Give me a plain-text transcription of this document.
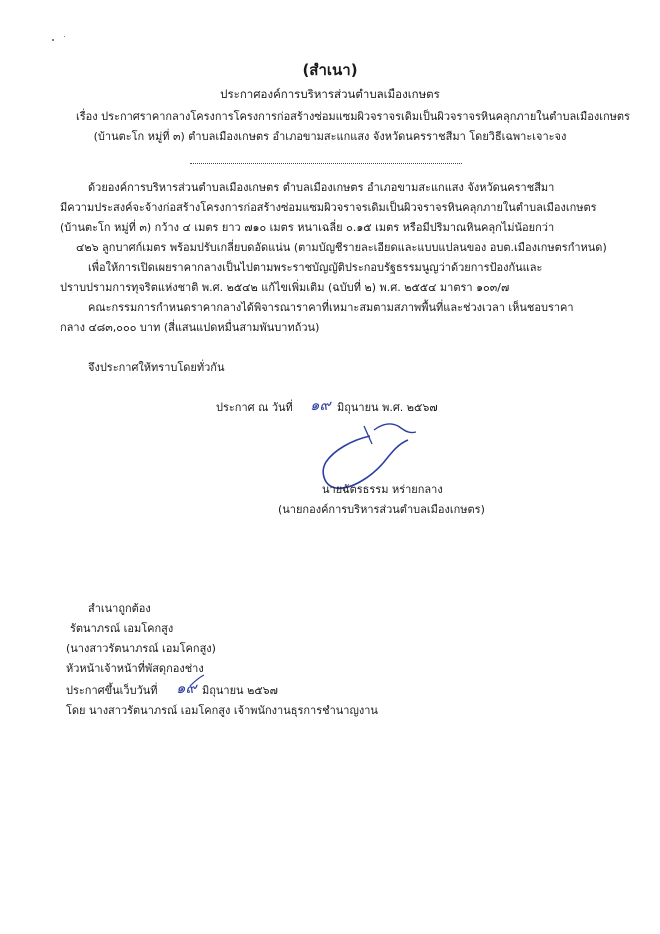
(สำเนา)
ประกาศองค์การบริหารส่วนตำบลเมืองเกษตร
เรื่อง ประกาศราคากลางโครงการโครงการก่อสร้างซ่อมแซมผิวจราจรเดิมเป็นผิวจราจรหินคลุกภายในตำบลเมืองเกษตร
(บ้านตะโก หมู่ที่ ๓) ตำบลเมืองเกษตร อำเภอขามสะแกแสง จังหวัดนครราชสีมา โดยวิธีเฉพาะเจาะจง
ด้วยองค์การบริหารส่วนตำบลเมืองเกษตร ตำบลเมืองเกษตร อำเภอขามสะแกแสง จังหวัดนคราชสีมา
มีความประสงค์จะจ้างก่อสร้างโครงการก่อสร้างซ่อมแซมผิวจราจรเดิมเป็นผิวจราจรหินคลุกภายในตำบลเมืองเกษตร
(บ้านตะโก หมู่ที่ ๓) กว้าง ๔ เมตร ยาว ๗๑๐ เมตร หนาเฉลี่ย ๐.๑๕ เมตร หรือมีปริมาณหินคลุกไม่น้อยกว่า
๔๒๖ ลูกบาศก์เมตร พร้อมปรับเกลี่ยบดอัดแน่น (ตามบัญชีรายละเอียดและแบบแปลนของ อบต.เมืองเกษตรกำหนด)
เพื่อให้การเปิดเผยราคากลางเป็นไปตามพระราชบัญญัติประกอบรัฐธรรมนูญว่าด้วยการป้องกันและ
ปราบปรามการทุจริตแห่งชาติ พ.ศ. ๒๕๔๒ แก้ไขเพิ่มเติม (ฉบับที่ ๒) พ.ศ. ๒๕๕๔ มาตรา ๑๐๓/๗
คณะกรรมการกำหนดราคากลางได้พิจารณาราคาที่เหมาะสมตามสภาพพื้นที่และช่วงเวลา เห็นชอบราคา
กลาง ๔๘๓,๐๐๐ บาท (สี่แสนแปดหมื่นสามพันบาทถ้วน)
จึงประกาศให้ทราบโดยทั่วกัน
ประกาศ ณ วันที่ ๑๙ มิถุนายน พ.ศ. ๒๕๖๗
นายฉัตรธรรม หร่ายกลาง
(นายกองค์การบริหารส่วนตำบลเมืองเกษตร)
สำเนาถูกต้อง
รัตนาภรณ์ เอมโคกสูง
(นางสาวรัตนาภรณ์ เอมโคกสูง)
หัวหน้าเจ้าหน้าที่พัสดุกองช่าง
ประกาศขึ้นเว็บวันที่ ๑๙ มิถุนายน ๒๕๖๗
โดย นางสาวรัตนาภรณ์ เอมโคกสูง เจ้าพนักงานธุรการชำนาญงาน
